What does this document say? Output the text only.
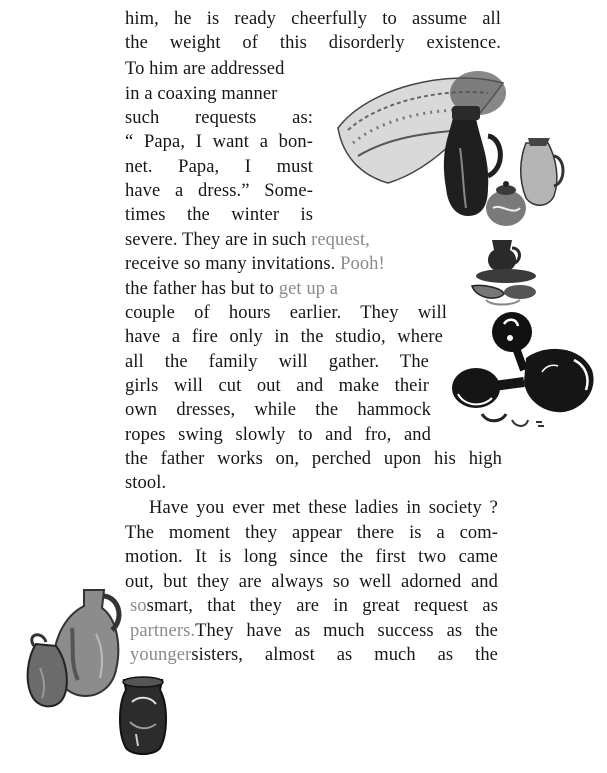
him, he is ready cheerfully to assume all
the weight of this disorderly existence.
To him are addressed
in a coaxing manner
such requests as:
“ Papa, I want a bon-
net. Papa, I must
have a dress.” Some-
times the winter is
severe. They are in such request,
receive so many invitations. Pooh!
the father has but to get up a
couple of hours earlier. They will
have a fire only in the studio, where
all the family will gather. The
girls will cut out and make their
own dresses, while the hammock
ropes swing slowly to and fro, and
the father works on, perched upon his high
stool.
Have you ever met these ladies in society ?
The moment they appear there is a com-
motion. It is long since the first two came
out, but they are always so well adorned and
so smart, that they are in great request as
partners. They have as much success as the
younger sisters, almost as much as the
